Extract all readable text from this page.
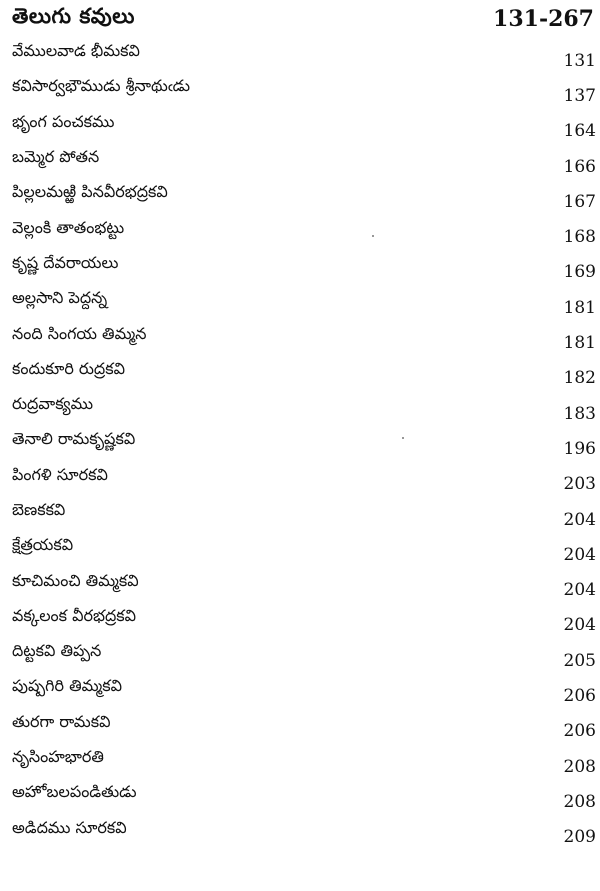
తెలుగు కవులు	131-267
వేములవాడ భీమకవి	131
కవిసార్వభౌముడు శ్రీనాథుఁడు	137
భృంగ పంచకము	164
బమ్మెర పోతన	166
పిల్లలమఱ్ఱి పినవీరభద్రకవి	167
వెల్లంకి తాతంభట్టు	168
కృష్ణ దేవరాయలు	169
అల్లసాని పెద్దన్న	181
నంది సింగయ తిమ్మన	181
కందుకూరి రుద్రకవి	182
రుద్రవాక్యము	183
తెనాలి రామకృష్ణకవి	196
పింగళి సూరకవి	203
బెణకకవి	204
క్షేత్రయకవి	204
కూచిమంచి తిమ్మకవి	204
వక్కలంక వీరభద్రకవి	204
దిట్టకవి తిప్పన	205
పుష్పగిరి తిమ్మకవి	206
తురగా రామకవి	206
నృసింహభారతి	208
అహోబలపండితుడు	208
అడిదము సూరకవి	209
